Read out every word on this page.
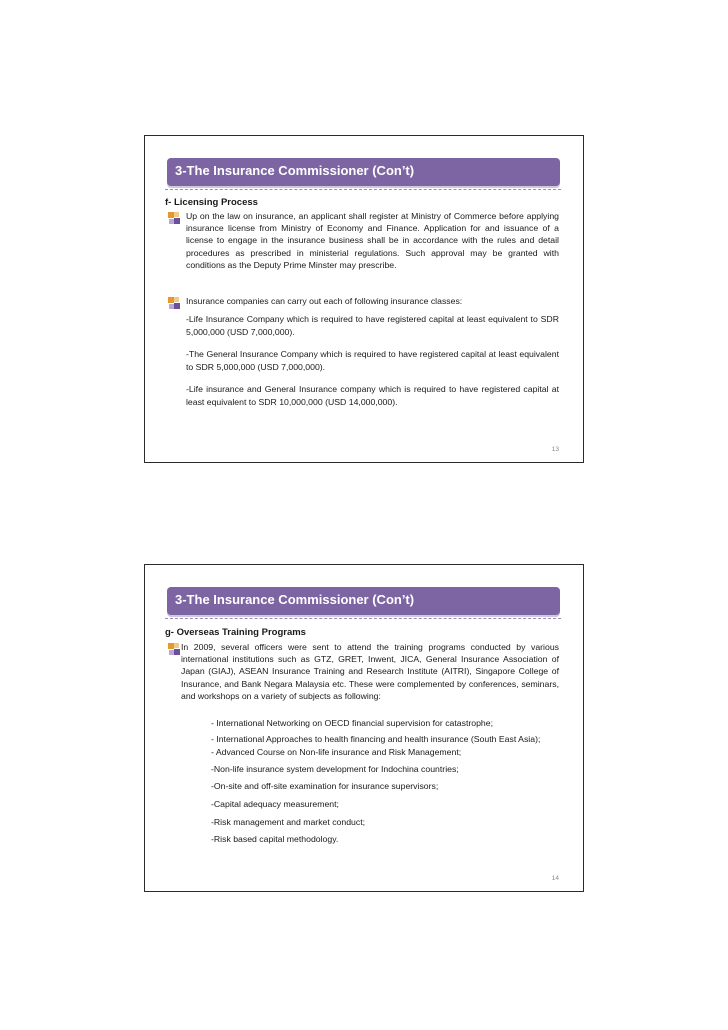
3-The Insurance Commissioner (Con’t)
f- Licensing Process
Up on the law on insurance, an applicant shall register at Ministry of Commerce before applying insurance license from Ministry of Economy and Finance. Application for and issuance of a license to engage in the insurance business shall be in accordance with the rules and detail procedures as prescribed in ministerial regulations. Such approval may be granted with conditions as the Deputy Prime Minster may prescribe.
Insurance companies can carry out each of following insurance classes:
-Life Insurance Company which is required to have registered capital at least equivalent to SDR 5,000,000 (USD 7,000,000).
-The General Insurance Company which is required to have registered capital at least equivalent to SDR 5,000,000 (USD 7,000,000).
-Life insurance and General Insurance company which is required to have registered capital at least equivalent to SDR 10,000,000 (USD 14,000,000).
13
3-The Insurance Commissioner (Con’t)
g- Overseas Training Programs
In 2009, several officers were sent to attend the training programs conducted by various international institutions such as GTZ, GRET, Inwent, JICA, General Insurance Association of Japan (GIAJ), ASEAN Insurance Training and Research Institute (AITRI), Singapore College of Insurance, and Bank Negara Malaysia etc. These were complemented by conferences, seminars, and workshops on a variety of subjects as following:
- International Networking on OECD financial supervision for catastrophe;
- International Approaches to health financing and health insurance (South East Asia);
- Advanced Course on Non-life insurance and Risk Management;
-Non-life insurance system development for Indochina countries;
-On-site and off-site examination for insurance supervisors;
-Capital adequacy measurement;
-Risk management and market conduct;
-Risk based capital methodology.
14
